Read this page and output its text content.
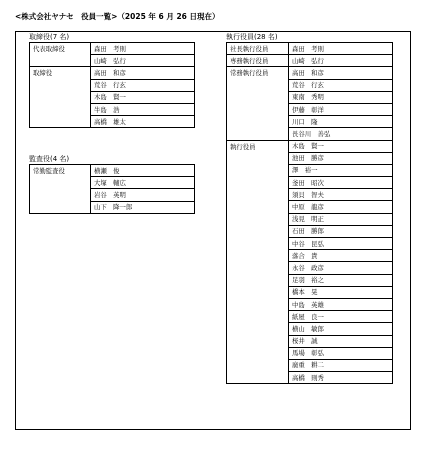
<株式会社ヤナセ　役員一覧>（2025 年 6 月 26 日現在）
取締役(7 名)
代表取締役	森田　考則
	山崎　弘行
取締役	高田　和彦
	荒谷　行玄
	木島　賢一
	牛島　浩
	高橋　雄太
監査役(4 名)
常勤監査役	横瀬　俊
	大塚　輔広
	岩谷　英明
	山下　降一郎
執行役員(28 名)
社長執行役員	森田　考則
専務執行役員	山崎　弘行
常務執行役員	高田　和彦
	荒谷　行玄
	東南　秀明
	伊藤　彰洋
	川口　隆
	長谷川　善弘
執行役員	木島　賢一
	池田　勝彦
	澤　裕一
	釜田　昭次
	須貝　智夫
	中原　龍彦
	浅見　明正
	石田　勝郎
	中谷　昆弘
	落合　貴
	永谷　政彦
	足羽　裕之
	橋本　晃
	中島　英雄
	紙屋　良一
	横山　敏郎
	桜井　誠
	馬場　彰弘
	廣重　耕二
	高橋　則秀
